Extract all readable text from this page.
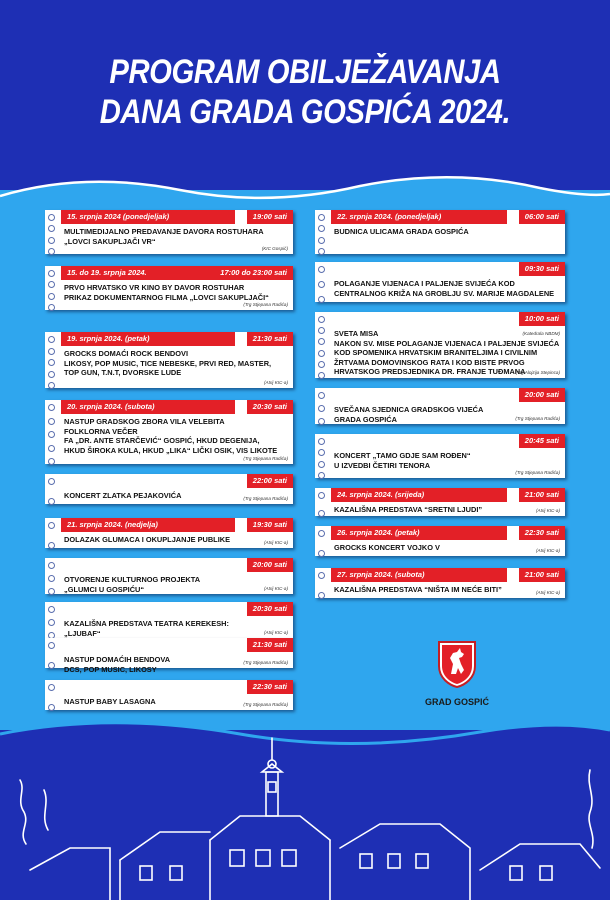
PROGRAM OBILJEŽAVANJA
DANA GRADA GOSPIĆA 2024.
15. srpnja 2024 (ponedjeljak)	19:00 sati
MULTIMEDIJALNO PREDAVANJE DAVORA ROSTUHARA
„LOVCI SAKUPLJAČI VR“
(KIC Gospić)
15. do 19. srpnja 2024.	17:00 do 23:00 sati
PRVO HRVATSKO VR KINO BY DAVOR ROSTUHAR
PRIKAZ DOKUMENTARNOG FILMA „LOVCI SAKUPLJAČI“
(Trg Stjepana Radića)
19. srpnja 2024. (petak)	21:30 sati
GROCKS DOMAĆI ROCK BENDOVI
LIKOSY, POP MUSIC, TICE NEBESKE, PRVI RED, MASTER,
TOP GUN, T.N.T, DVORSKE LUDE
(Atrij KIC-a)
20. srpnja 2024. (subota)	20:30 sati
NASTUP GRADSKOG ZBORA VILA VELEBITA
FOLKLORNA VEČER
FA „DR. ANTE STARČEVIĆ“ GOSPIĆ, HKUD DEGENIJA,
HKUD ŠIROKA KULA, HKUD „LIKA“ LIČKI OSIK, VIS LIKOTE
(Trg Stjepana Radića)
22:00 sati
KONCERT ZLATKA PEJAKOVIĆA	(Trg Stjepana Radića)
21. srpnja 2024. (nedjelja)	19:30 sati
DOLAZAK GLUMACA I OKUPLJANJE PUBLIKE	(Atrij KIC-a)
20:00 sati
OTVORENJE KULTURNOG PROJEKTA
„GLUMCI U GOSPIĆU“	(Atrij KIC-a)
20:30 sati
KAZALIŠNA PREDSTAVA TEATRA KEREKESH:
„LJUBAF“	(Atrij KIC-a)
21:30 sati
NASTUP DOMAĆIH BENDOVA
DCS, POP MUSIC, LIKOSY
(Trg Stjepana Radića)
22:30 sati
NASTUP BABY LASAGNA	(Trg Stjepana Radića)
22. srpnja 2024. (ponedjeljak)	06:00 sati
BUDNICA ULICAMA GRADA GOSPIĆA
09:30 sati
POLAGANJE VIJENACA I PALJENJE SVIJEĆA KOD
CENTRALNOG KRIŽA NA GROBLJU SV. MARIJE MAGDALENE
10:00 sati
SVETA MISA
NAKON SV. MISE POLAGANJE VIJENACA I PALJENJE SVIJEĆA
KOD SPOMENIKA HRVATSKIM BRANITELJIMA I CIVILNIM
ŽRTVAMA DOMOVINSKOG RATA I KOD BISTE PRVOG
HRVATSKOG PREDSJEDNIKA DR. FRANJE TUĐMANA
(Trg Alojzija Stepinca)
(Katedrala NBDM)
20:00 sati
SVEČANA SJEDNICA GRADSKOG VIJEĆA
GRADA GOSPIĆA	(Trg Stjepana Radića)
20:45 sati
KONCERT „TAMO GDJE SAM ROĐEN“
U IZVEDBI ČETIRI TENORA
(Trg Stjepana Radića)
24. srpnja 2024. (srijeda)	21:00 sati
KAZALIŠNA PREDSTAVA “SRETNI LJUDI”	(Atrij KIC-a)
26. srpnja 2024. (petak)	22:30 sati
GROCKS KONCERT VOJKO V	(Atrij KIC-a)
27. srpnja 2024. (subota)	21:00 sati
KAZALIŠNA PREDSTAVA “NIŠTA IM NEĆE BITI”	(Atrij KIC-a)
GRAD GOSPIĆ
